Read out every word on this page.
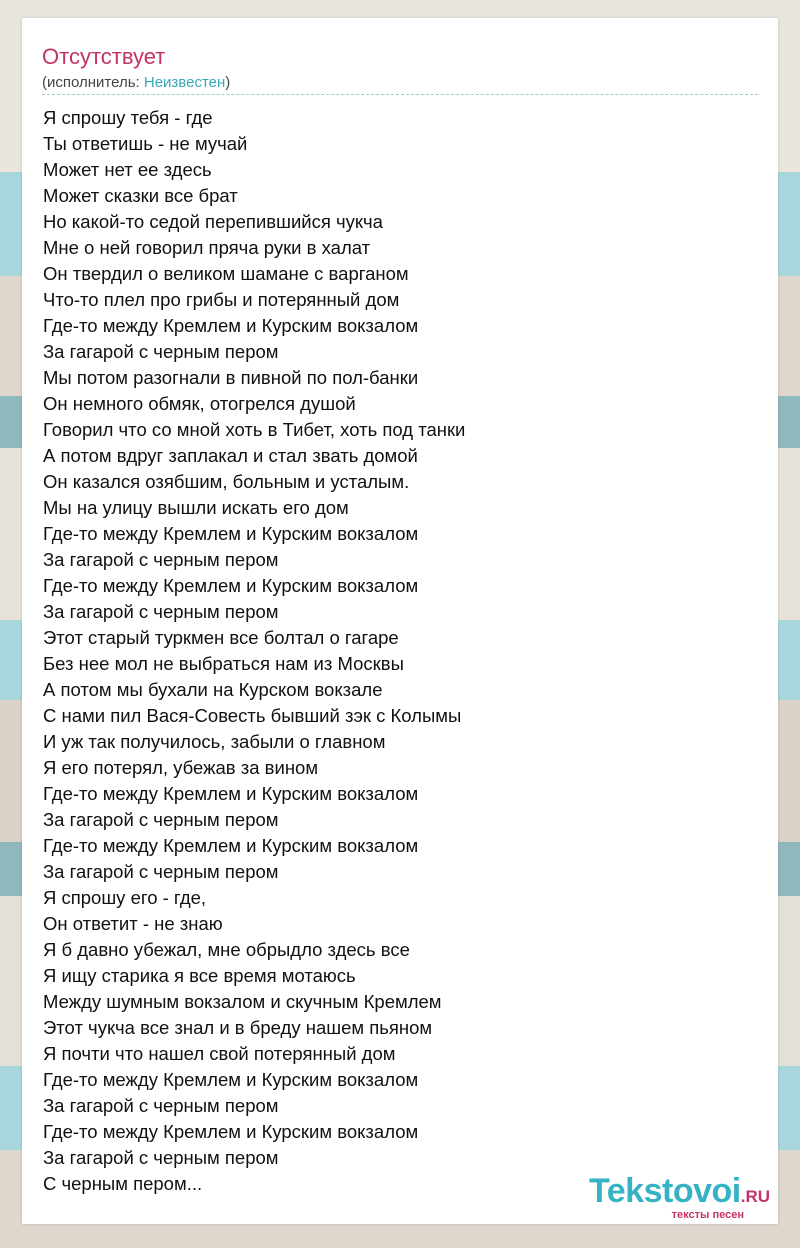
Отсутствует
(исполнитель: Неизвестен)
Я спрошу тебя - где
Ты ответишь - не мучай
Может нет ее здесь
Может сказки все брат
Но какой-то седой перепившийся чукча
Мне о ней говорил пряча руки в халат
Он твердил о великом шамане с варганом
Что-то плел про грибы и потерянный дом
Где-то между Кремлем и Курским вокзалом
За гагарой с черным пером
Мы потом разогнали в пивной по пол-банки
Он немного обмяк, отогрелся душой
Говорил что со мной хоть в Тибет, хоть под танки
А потом вдруг заплакал и стал звать домой
Он казался озябшим, больным и усталым.
Мы на улицу вышли искать его дом
Где-то между Кремлем и Курским вокзалом
За гагарой с черным пером
Где-то между Кремлем и Курским вокзалом
За гагарой с черным пером
Этот старый туркмен все болтал о гагаре
Без нее мол не выбраться нам из Москвы
А потом мы бухали на Курском вокзале
С нами пил Вася-Совесть бывший зэк с Колымы
И уж так получилось, забыли о главном
Я его потерял, убежав за вином
Где-то между Кремлем и Курским вокзалом
За гагарой с черным пером
Где-то между Кремлем и Курским вокзалом
За гагарой с черным пером
Я спрошу его - где,
Он ответит - не знаю
Я б давно убежал, мне обрыдло здесь все
Я ищу старика я все время мотаюсь
Между шумным вокзалом и скучным Кремлем
Этот чукча все знал и в бреду нашем пьяном
Я почти что нашел свой потерянный дом
Где-то между Кремлем и Курским вокзалом
За гагарой с черным пером
Где-то между Кремлем и Курским вокзалом
За гагарой с черным пером
С черным пером...	Tekstovoi.RU
тексты песен
